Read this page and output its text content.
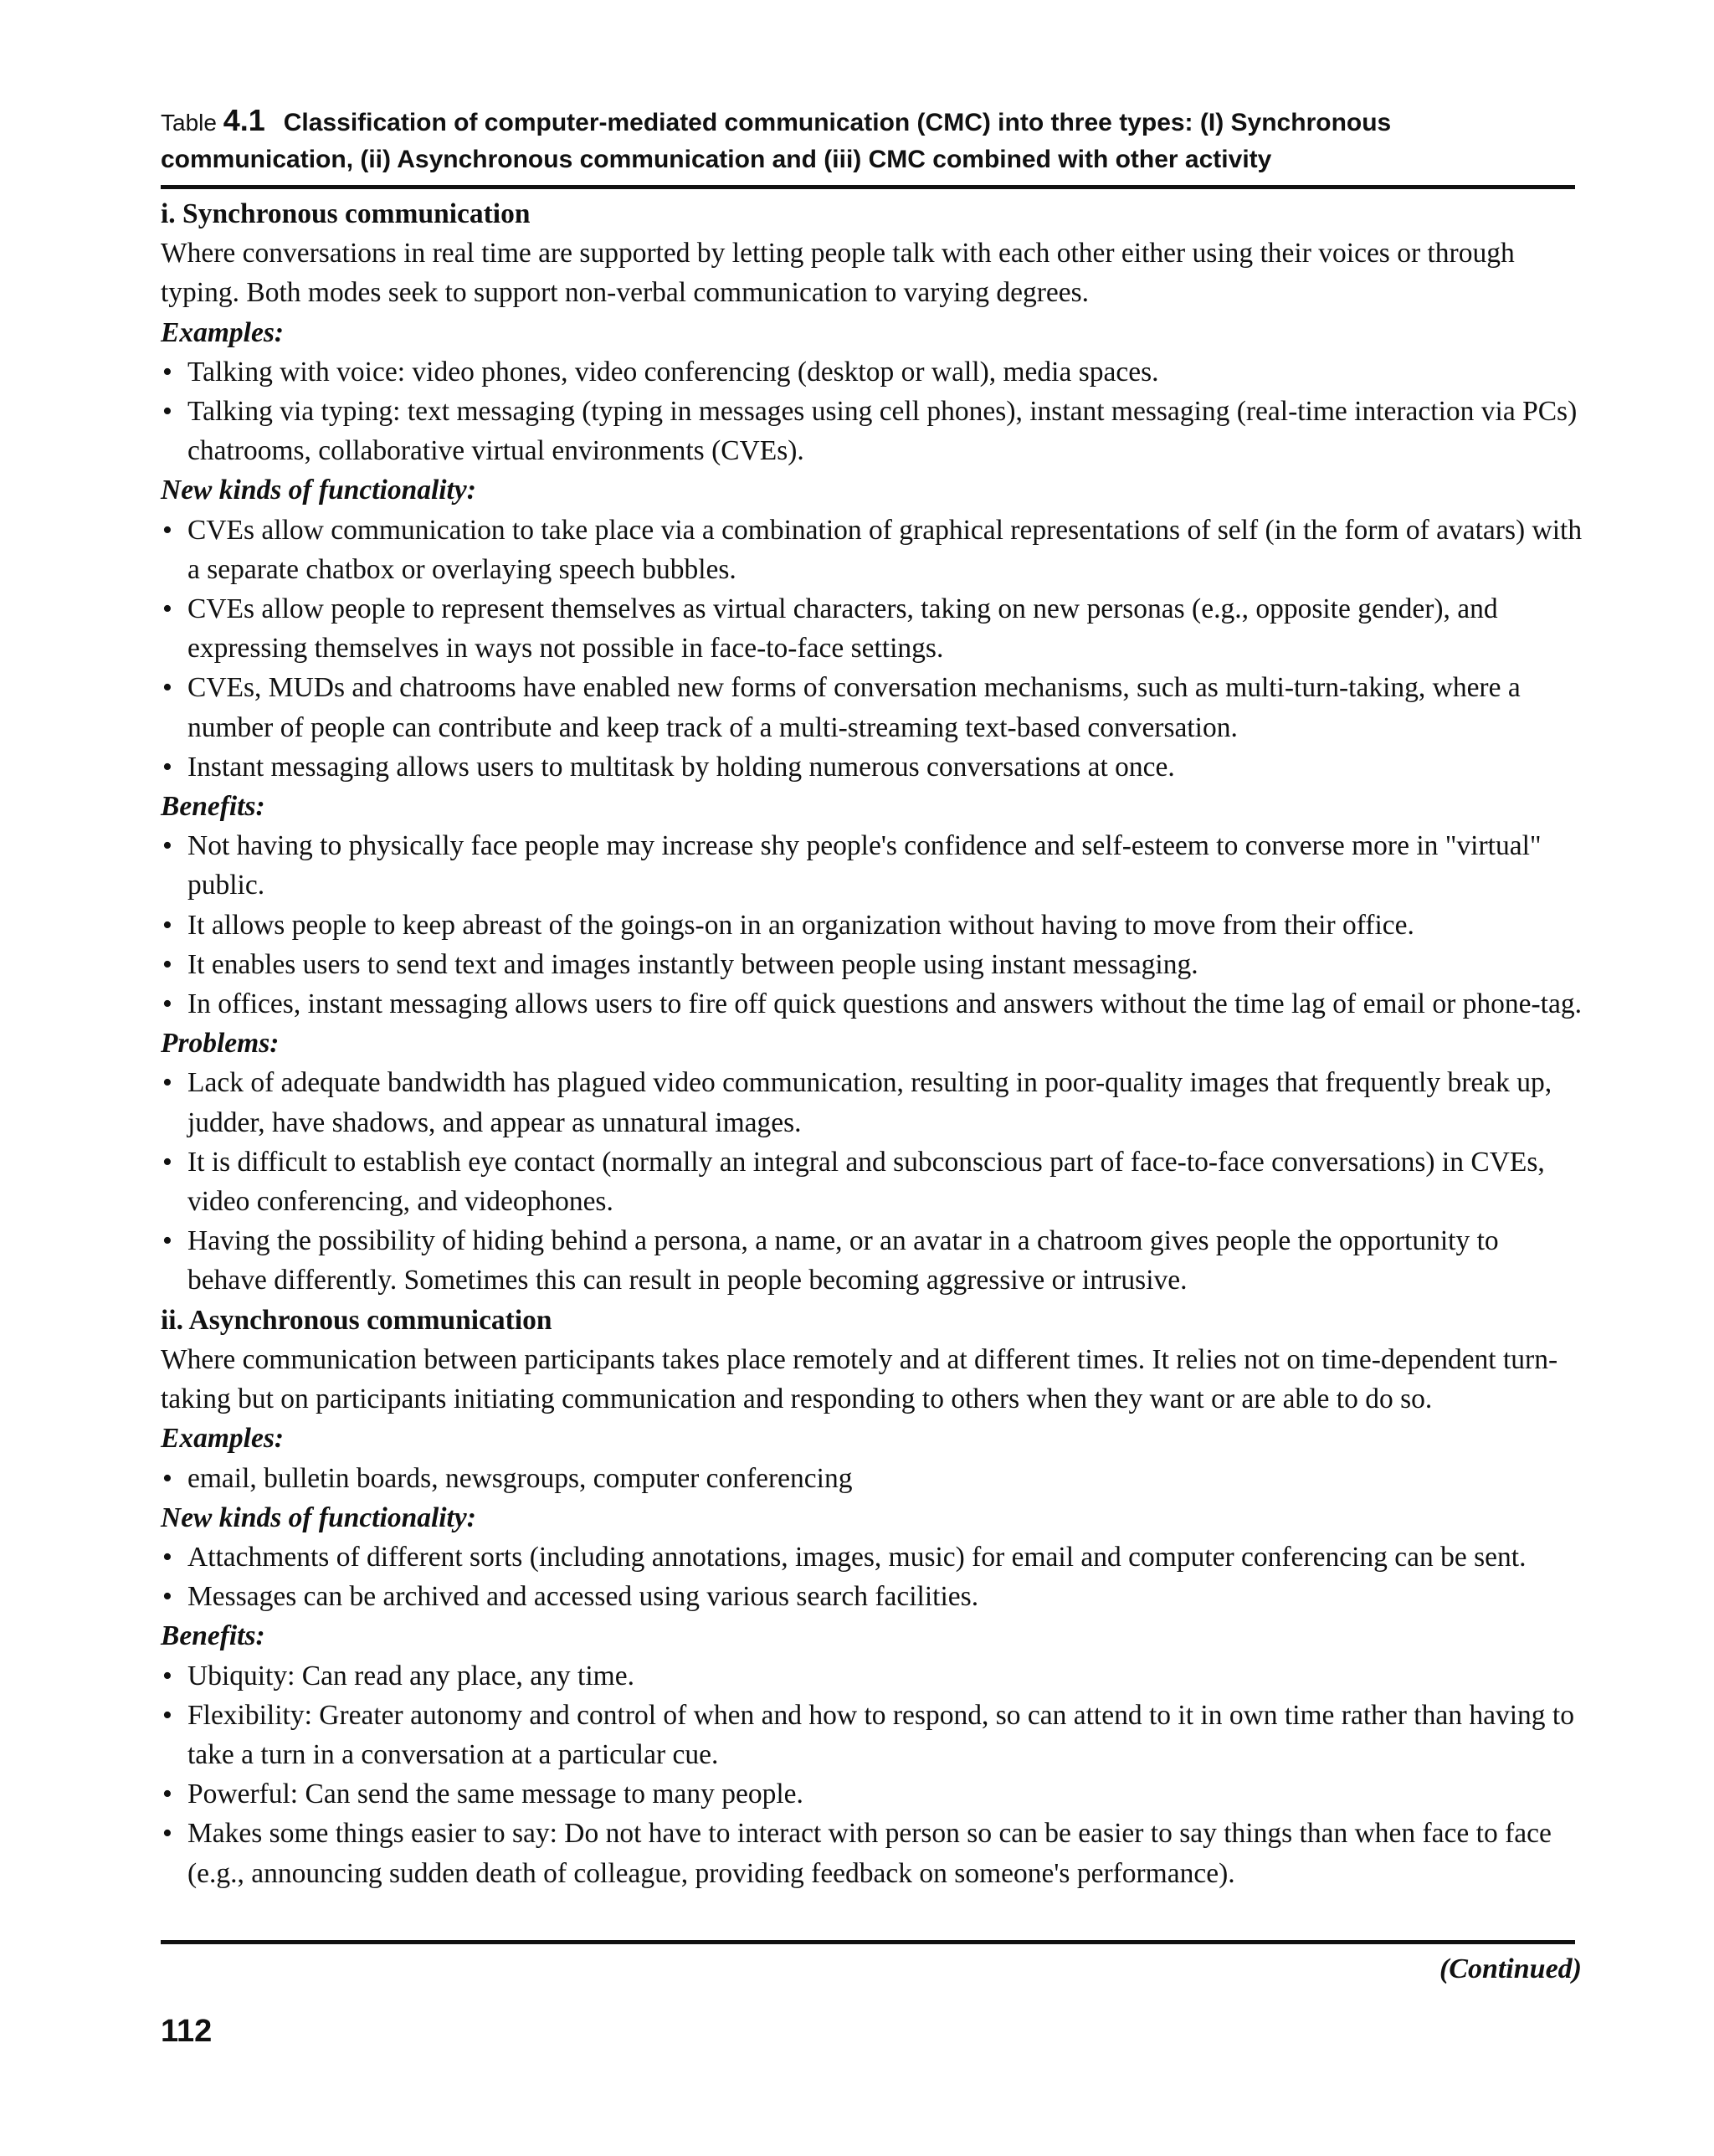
Table 4.1 Classification of computer-mediated communication (CMC) into three types: (I) Synchronous communication, (ii) Asynchronous communication and (iii) CMC combined with other activity

i. Synchronous communication

Where conversations in real time are supported by letting people talk with each other either using their voices or through typing. Both modes seek to support non-verbal communication to varying degrees.

Examples:

• Talking with voice: video phones, video conferencing (desktop or wall), media spaces.
• Talking via typing: text messaging (typing in messages using cell phones), instant messaging (real-time interaction via PCs) chatrooms, collaborative virtual environments (CVEs).

New kinds of functionality:

• CVEs allow communication to take place via a combination of graphical representations of self (in the form of avatars) with a separate chatbox or overlaying speech bubbles.
• CVEs allow people to represent themselves as virtual characters, taking on new personas (e.g., opposite gender), and expressing themselves in ways not possible in face-to-face settings.
• CVEs, MUDs and chatrooms have enabled new forms of conversation mechanisms, such as multi-turn-taking, where a number of people can contribute and keep track of a multi-streaming text-based conversation.
• Instant messaging allows users to multitask by holding numerous conversations at once.

Benefits:

• Not having to physically face people may increase shy people's confidence and self-esteem to converse more in "virtual" public.
• It allows people to keep abreast of the goings-on in an organization without having to move from their office.
• It enables users to send text and images instantly between people using instant messaging.
• In offices, instant messaging allows users to fire off quick questions and answers without the time lag of email or phone-tag.

Problems:

• Lack of adequate bandwidth has plagued video communication, resulting in poor-quality images that frequently break up, judder, have shadows, and appear as unnatural images.
• It is difficult to establish eye contact (normally an integral and subconscious part of face-to-face conversations) in CVEs, video conferencing, and videophones.
• Having the possibility of hiding behind a persona, a name, or an avatar in a chatroom gives people the opportunity to behave differently. Sometimes this can result in people becoming aggressive or intrusive.

ii. Asynchronous communication

Where communication between participants takes place remotely and at different times. It relies not on time-dependent turn-taking but on participants initiating communication and responding to others when they want or are able to do so.

Examples:

• email, bulletin boards, newsgroups, computer conferencing

New kinds of functionality:

• Attachments of different sorts (including annotations, images, music) for email and computer conferencing can be sent.
• Messages can be archived and accessed using various search facilities.

Benefits:

• Ubiquity: Can read any place, any time.
• Flexibility: Greater autonomy and control of when and how to respond, so can attend to it in own time rather than having to take a turn in a conversation at a particular cue.
• Powerful: Can send the same message to many people.
• Makes some things easier to say: Do not have to interact with person so can be easier to say things than when face to face (e.g., announcing sudden death of colleague, providing feedback on someone's performance).
(Continued)
112
